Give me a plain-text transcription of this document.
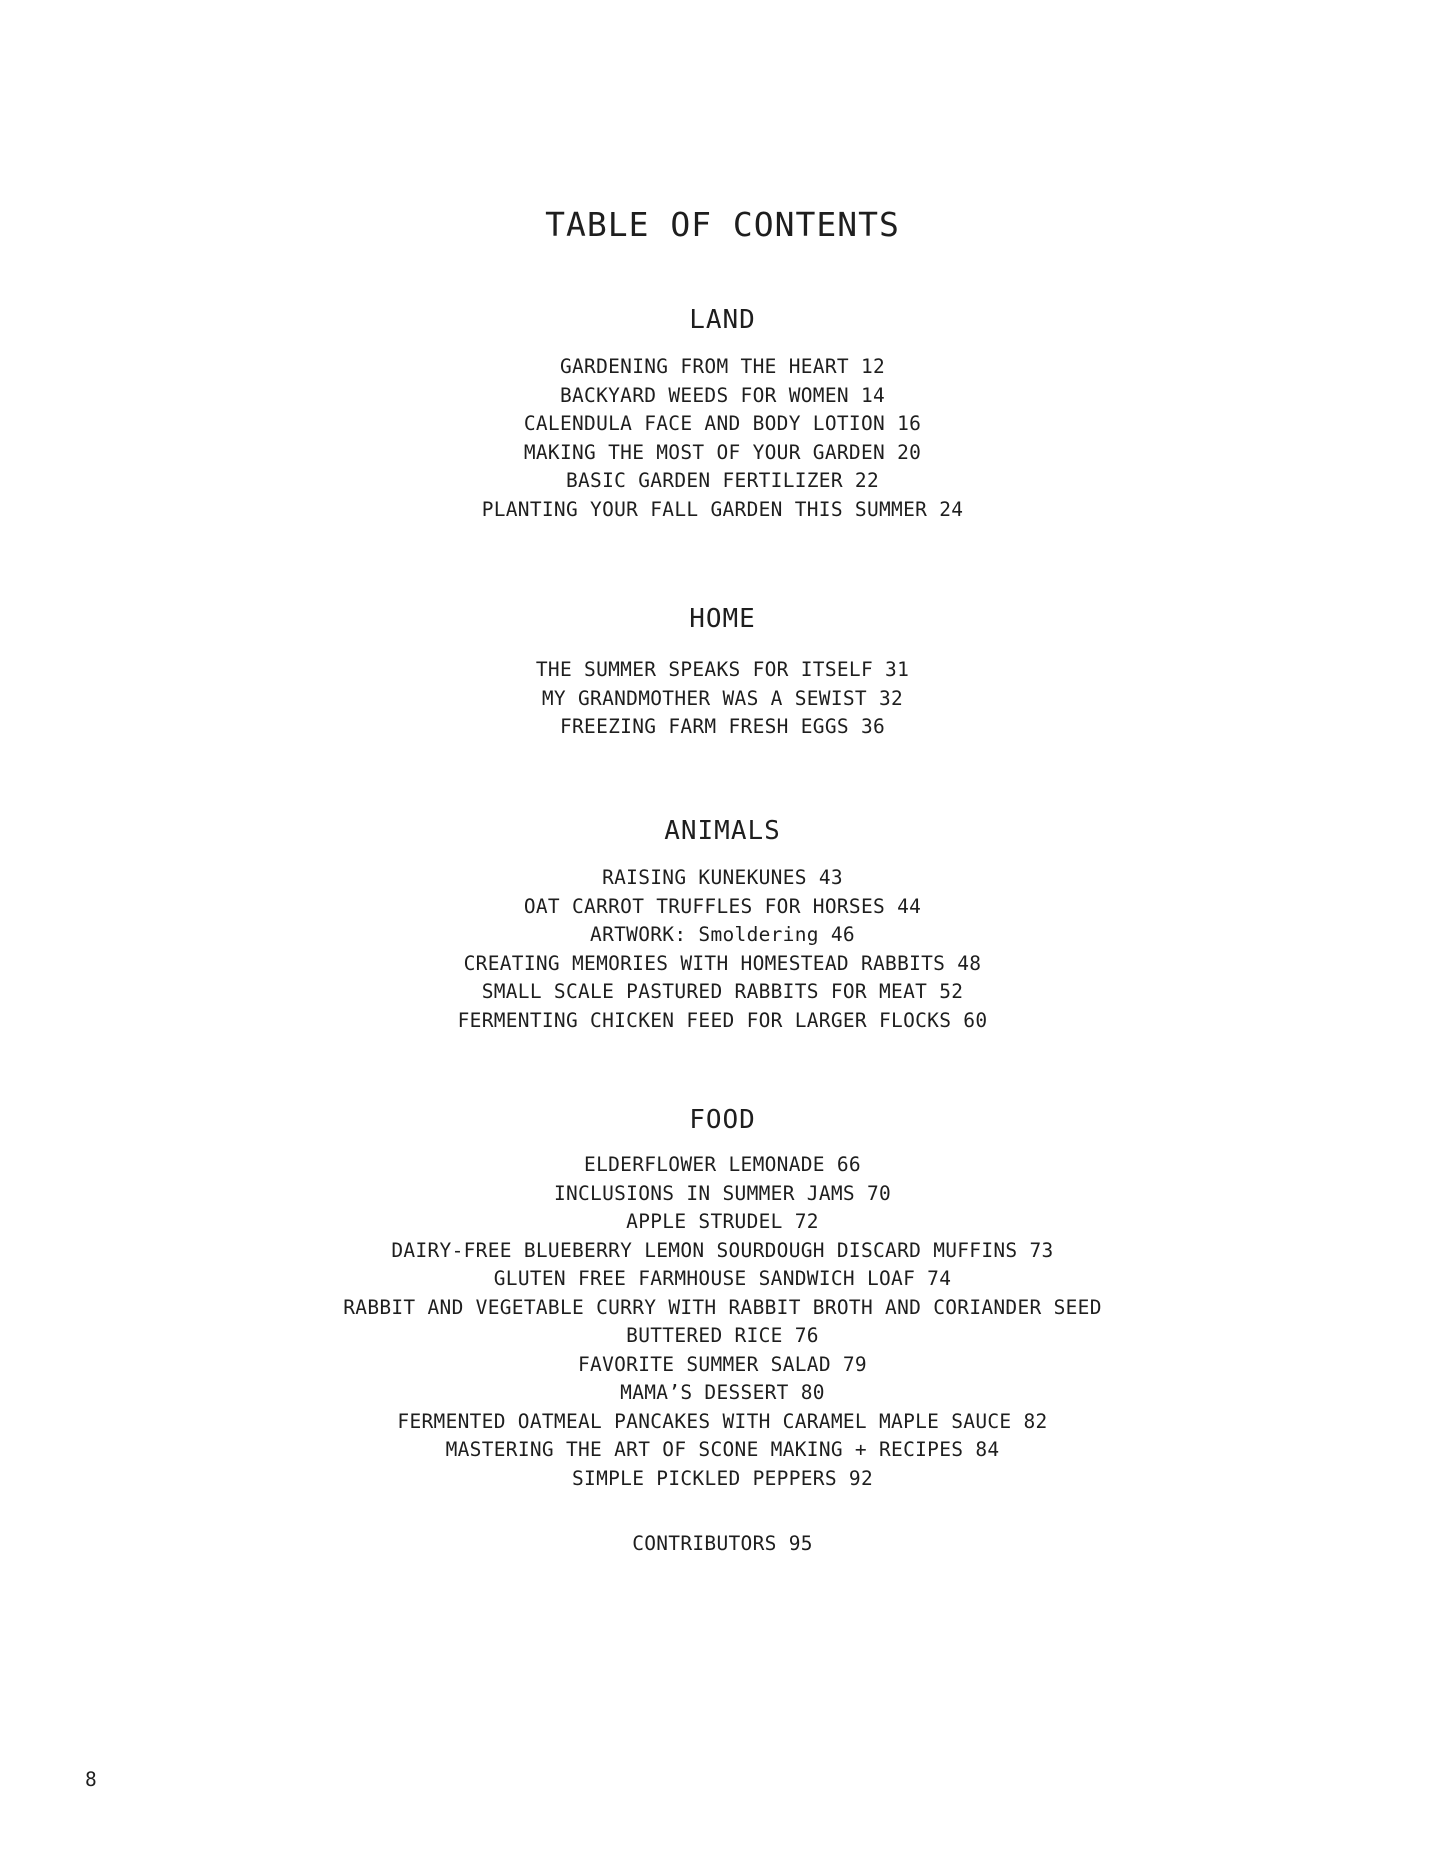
TABLE OF CONTENTS
LAND
GARDENING FROM THE HEART 12
BACKYARD WEEDS FOR WOMEN 14
CALENDULA FACE AND BODY LOTION 16
MAKING THE MOST OF YOUR GARDEN 20
BASIC GARDEN FERTILIZER 22
PLANTING YOUR FALL GARDEN THIS SUMMER 24
HOME
THE SUMMER SPEAKS FOR ITSELF 31
MY GRANDMOTHER WAS A SEWIST 32
FREEZING FARM FRESH EGGS 36
ANIMALS
RAISING KUNEKUNES 43
OAT CARROT TRUFFLES FOR HORSES 44
ARTWORK: Smoldering 46
CREATING MEMORIES WITH HOMESTEAD RABBITS 48
SMALL SCALE PASTURED RABBITS FOR MEAT 52
FERMENTING CHICKEN FEED FOR LARGER FLOCKS 60
FOOD
ELDERFLOWER LEMONADE 66
INCLUSIONS IN SUMMER JAMS 70
APPLE STRUDEL 72
DAIRY-FREE BLUEBERRY LEMON SOURDOUGH DISCARD MUFFINS 73
GLUTEN FREE FARMHOUSE SANDWICH LOAF 74
RABBIT AND VEGETABLE CURRY WITH RABBIT BROTH AND CORIANDER SEED
BUTTERED RICE 76
FAVORITE SUMMER SALAD 79
MAMA’S DESSERT 80
FERMENTED OATMEAL PANCAKES WITH CARAMEL MAPLE SAUCE 82
MASTERING THE ART OF SCONE MAKING + RECIPES 84
SIMPLE PICKLED PEPPERS 92
CONTRIBUTORS 95
8
